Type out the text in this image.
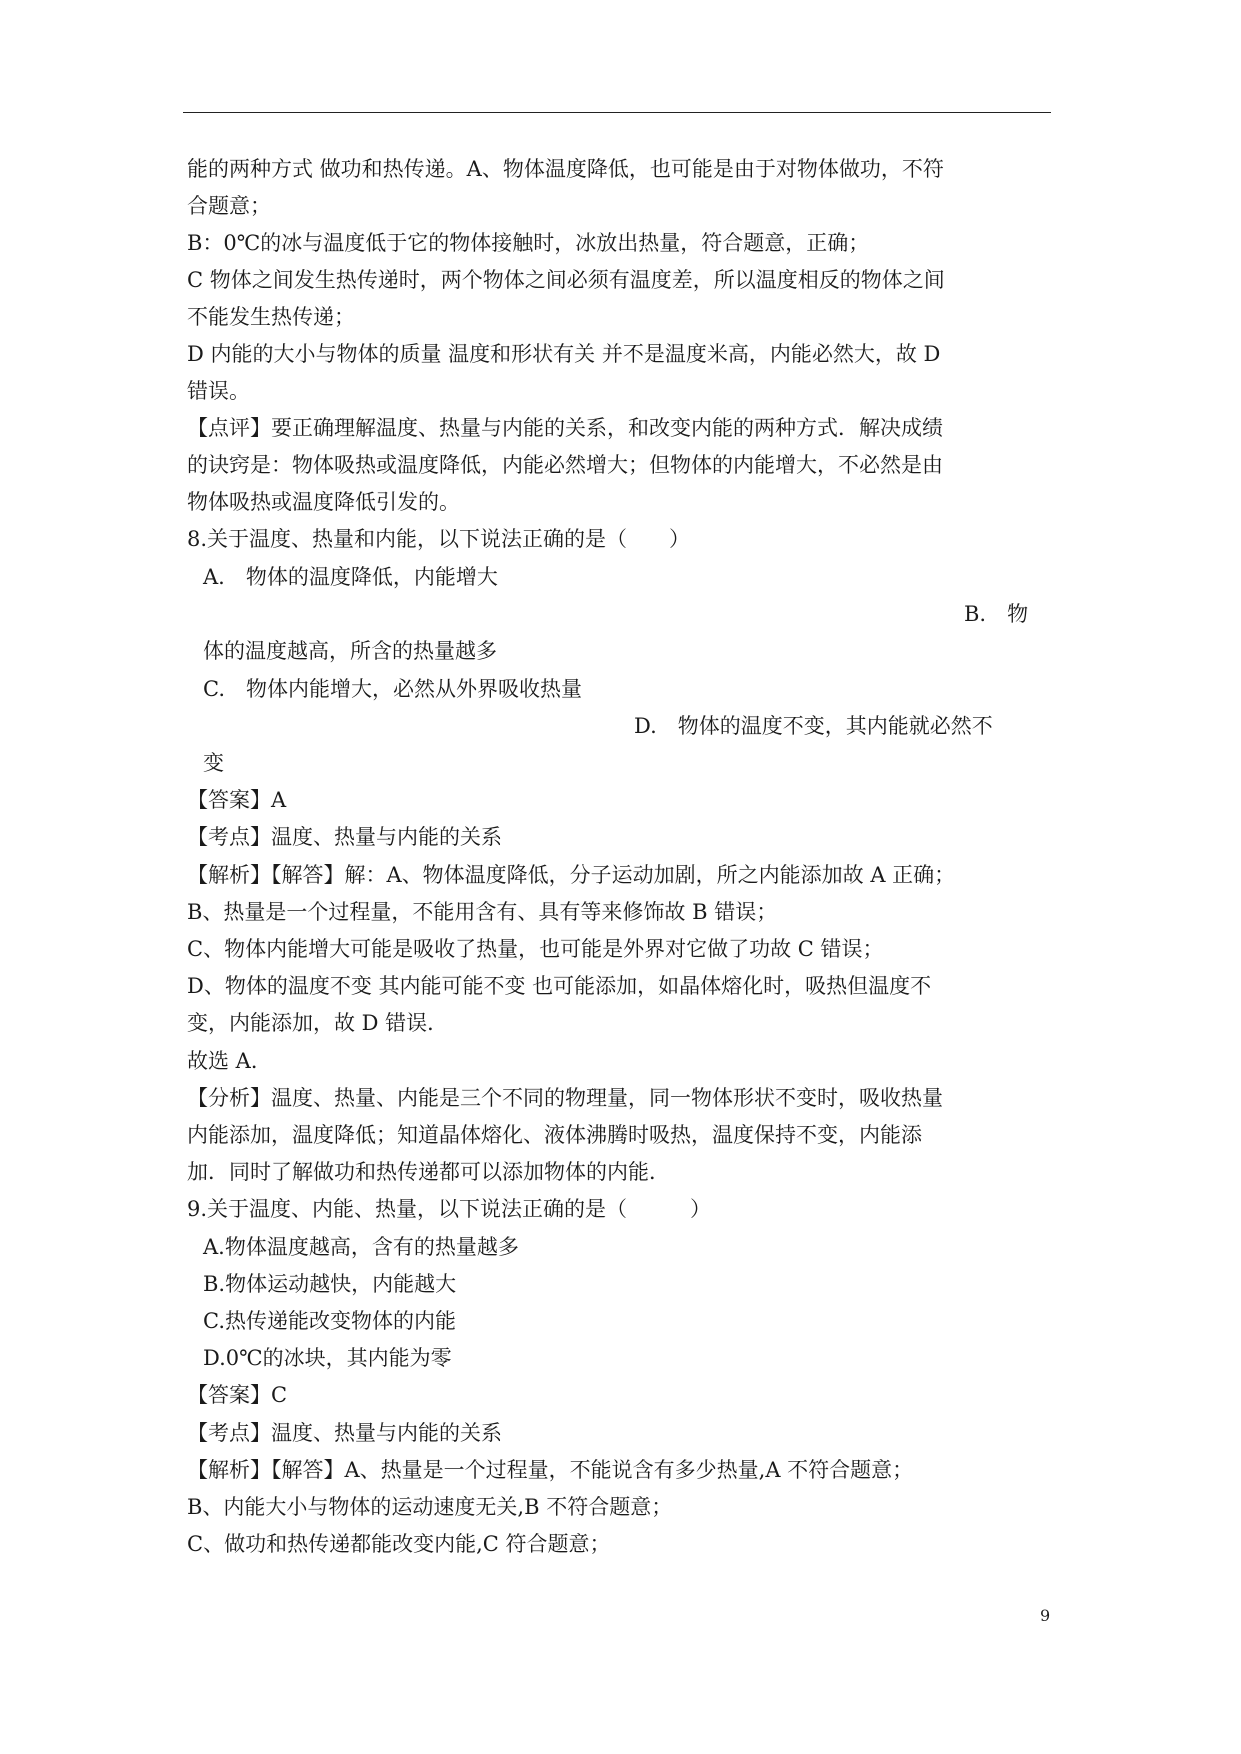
能的两种方式 做功和热传递。A、物体温度降低，也可能是由于对物体做功，不符
合题意；
B：0℃的冰与温度低于它的物体接触时，冰放出热量，符合题意，正确；
C 物体之间发生热传递时，两个物体之间必须有温度差，所以温度相反的物体之间
不能发生热传递；
D 内能的大小与物体的质量 温度和形状有关 并不是温度米高，内能必然大，故 D
错误。
【点评】要正确理解温度、热量与内能的关系，和改变内能的两种方式．解决成绩
的诀窍是：物体吸热或温度降低，内能必然增大；但物体的内能增大，不必然是由
物体吸热或温度降低引发的。
8.关于温度、热量和内能，以下说法正确的是（　　）
A.　物体的温度降低，内能增大
B.　物
体的温度越高，所含的热量越多
C.　物体内能增大，必然从外界吸收热量
D.　物体的温度不变，其内能就必然不
变
【答案】A
【考点】温度、热量与内能的关系
【解析】【解答】解：A、物体温度降低，分子运动加剧，所之内能添加故 A 正确；
B、热量是一个过程量，不能用含有、具有等来修饰故 B 错误；
C、物体内能增大可能是吸收了热量，也可能是外界对它做了功故 C 错误；
D、物体的温度不变 其内能可能不变 也可能添加，如晶体熔化时，吸热但温度不
变，内能添加，故 D 错误．
故选 A．
【分析】温度、热量、内能是三个不同的物理量，同一物体形状不变时，吸收热量
内能添加，温度降低；知道晶体熔化、液体沸腾时吸热，温度保持不变，内能添
加．同时了解做功和热传递都可以添加物体的内能．
9.关于温度、内能、热量，以下说法正确的是（　　　）
A.物体温度越高，含有的热量越多
B.物体运动越快，内能越大
C.热传递能改变物体的内能
D.0℃的冰块，其内能为零
【答案】C
【考点】温度、热量与内能的关系
【解析】【解答】A、热量是一个过程量，不能说含有多少热量,A 不符合题意；
B、内能大小与物体的运动速度无关,B 不符合题意；
C、做功和热传递都能改变内能,C 符合题意；
9
